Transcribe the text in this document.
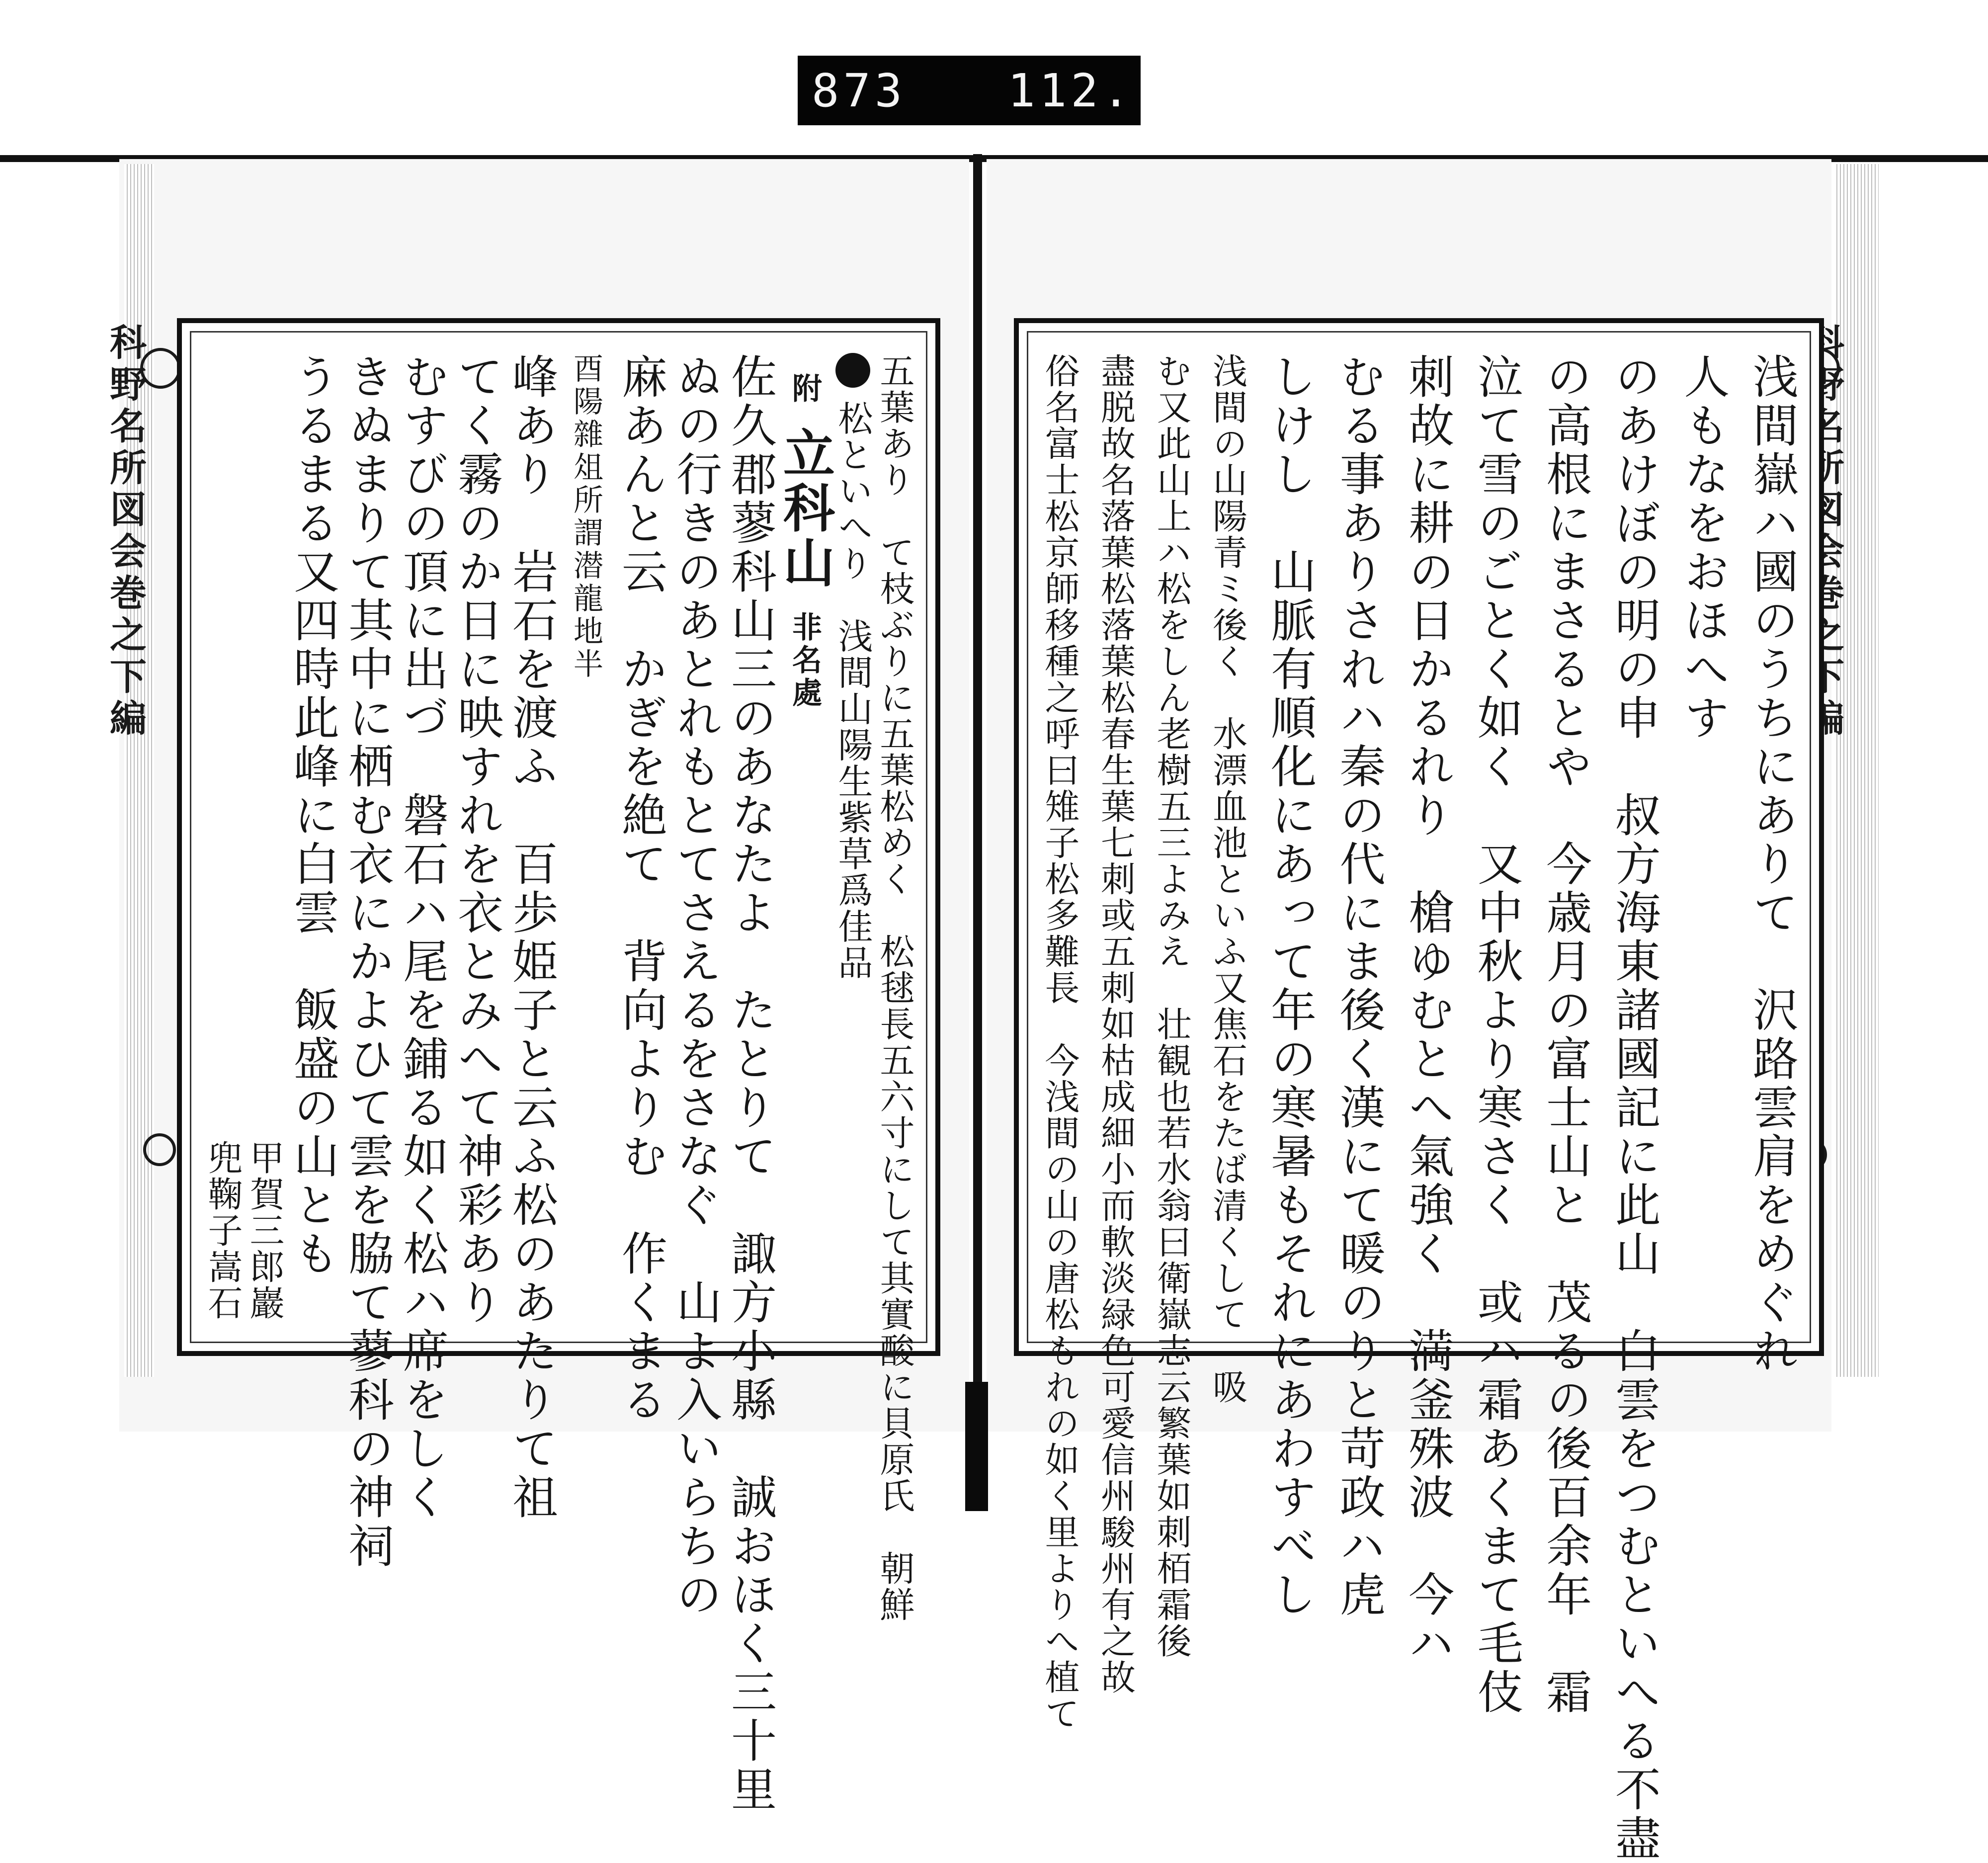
873 112.
科野名所図会巻之下編	浅間嶽ハ國のうちにありて　沢路雲肩をめぐれ
人もなをおほへす
のあけぼの明の申　叔方海東諸國記に此山　白雲をつむといへる不盡
の高根にまさるとや　今歳月の富士山と　茂るの後百余年　霜
泣て雪のごとく如く　又中秋より寒さく　或ハ霜あくまて毛伎
刺故に耕の日かるれり　槍ゆむとへ氣強く　満釜殊波　今ハ
むる事ありされハ秦の代にま後く漢にて暖のりと苛政ハ虎
しけし　山脈有順化にあって年の寒暑もそれにあわすべし
浅間の山陽青ミ後く　水漂血池といふ又焦石をたば清くして　吸
む又此山上ハ松をしん老樹五三よみえ　壮観也若水翁曰衛嶽志云繁葉如刺栢霜後
盡脱故名落葉松落葉松春生葉七刺或五刺如枯成細小而軟淡緑色可愛信州駿州有之故
俗名富士松京師移種之呼曰雉子松多難長　今浅間の山の唐松もれの如く里よりへ植て
五葉あり　て枝ぶりに五葉松めく　松毬長五六寸にして其實酸に貝原氏　朝鮮
松といへり　浅間山陽生紫草爲佳品
附 立科山 非名處
佐久郡蓼科山三のあなたよ　たとりて　諏方小縣　誠おほく三十里
ぬの行きのあとれもとてさえるをさなぐ　山よ入いらちの
麻あんと云　かぎを絶て　背向よりむ　作くまる
酉陽雜俎所謂潜龍地半
峰あり　岩石を渡ふ　百歩姫子と云ふ松のあたりて祖
てく霧のか日に映すれを衣とみへて神彩あり
むすびの頂に出づ　磐石ハ尾を鋪る如く松ハ席をしく
きぬまりて其中に栖む衣にかよひて雲を脇て蓼科の神祠
うるまる又四時此峰に白雲　飯盛の山とも
甲賀三郎巖
兜鞠子嵩石
